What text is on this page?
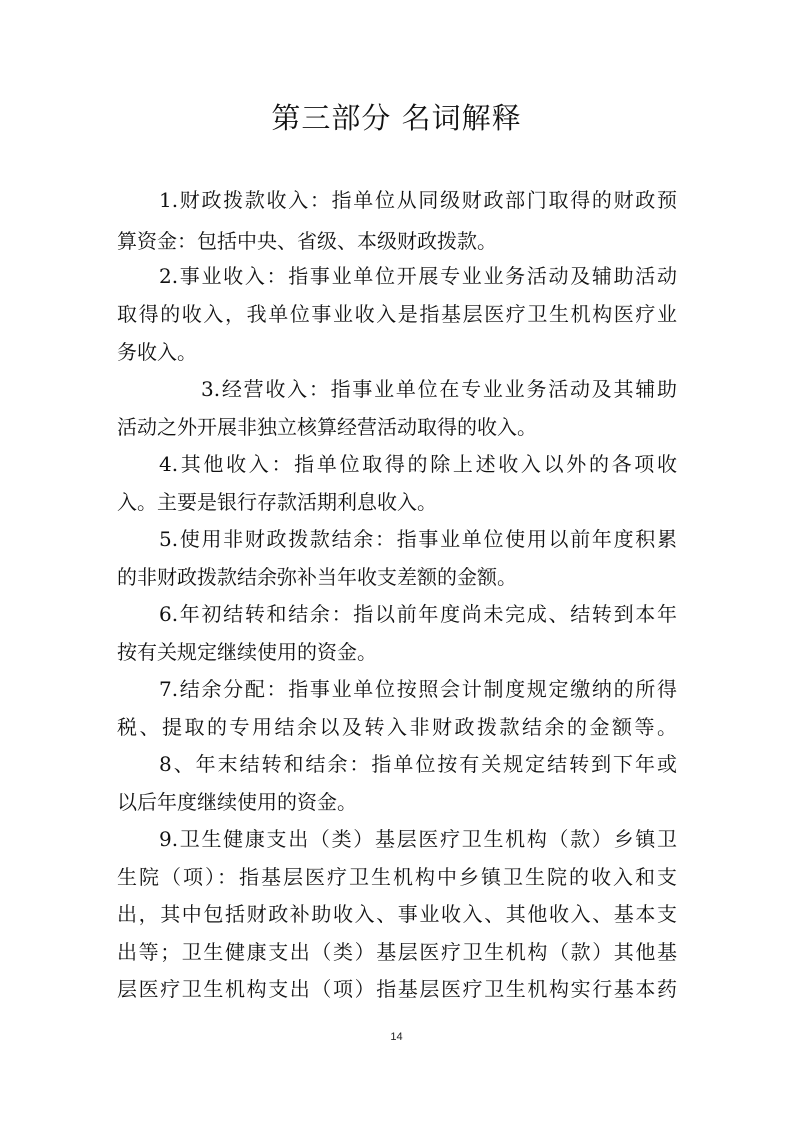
第三部分 名词解释
1.财政拨款收入：指单位从同级财政部门取得的财政预
算资金：包括中央、省级、本级财政拨款。
2.事业收入：指事业单位开展专业业务活动及辅助活动
取得的收入，我单位事业收入是指基层医疗卫生机构医疗业
务收入。
3.经营收入：指事业单位在专业业务活动及其辅助
活动之外开展非独立核算经营活动取得的收入。
4.其他收入：指单位取得的除上述收入以外的各项收
入。主要是银行存款活期利息收入。
5.使用非财政拨款结余：指事业单位使用以前年度积累
的非财政拨款结余弥补当年收支差额的金额。
6.年初结转和结余：指以前年度尚未完成、结转到本年
按有关规定继续使用的资金。
7.结余分配：指事业单位按照会计制度规定缴纳的所得
税、提取的专用结余以及转入非财政拨款结余的金额等。
8、年末结转和结余：指单位按有关规定结转到下年或
以后年度继续使用的资金。
9.卫生健康支出（类）基层医疗卫生机构（款）乡镇卫
生院（项）：指基层医疗卫生机构中乡镇卫生院的收入和支
出，其中包括财政补助收入、事业收入、其他收入、基本支
出等；卫生健康支出（类）基层医疗卫生机构（款）其他基
层医疗卫生机构支出（项）指基层医疗卫生机构实行基本药
14
